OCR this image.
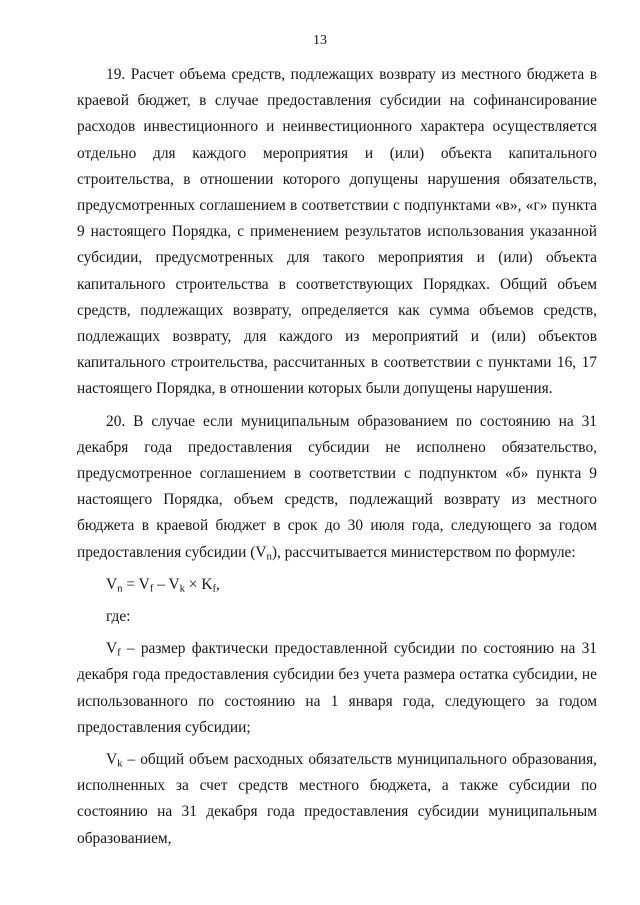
13

19. Расчет объема средств, подлежащих возврату из местного бюджета в краевой бюджет, в случае предоставления субсидии на софинансирование расходов инвестиционного и неинвестиционного характера осуществляется отдельно для каждого мероприятия и (или) объекта капитального строительства, в отношении которого допущены нарушения обязательств, предусмотренных соглашением в соответствии с подпунктами «в», «г» пункта 9 настоящего Порядка, с применением результатов использования указанной субсидии, предусмотренных для такого мероприятия и (или) объекта капитального строительства в соответствующих Порядках. Общий объем средств, подлежащих возврату, определяется как сумма объемов средств, подлежащих возврату, для каждого из мероприятий и (или) объектов капитального строительства, рассчитанных в соответствии с пунктами 16, 17 настоящего Порядка, в отношении которых были допущены нарушения.

20. В случае если муниципальным образованием по состоянию на 31 декабря года предоставления субсидии не исполнено обязательство, предусмотренное соглашением в соответствии с подпунктом «б» пункта 9 настоящего Порядка, объем средств, подлежащий возврату из местного бюджета в краевой бюджет в срок до 30 июля года, следующего за годом предоставления субсидии $(V_n)$, рассчитывается министерством по формуле:

$V_n = V_f - V_k \times K_f$,

где:

$V_f$ – размер фактически предоставленной субсидии по состоянию на 31 декабря года предоставления субсидии без учета размера остатка субсидии, не использованного по состоянию на 1 января года, следующего за годом предоставления субсидии;

$V_k$ – общий объем расходных обязательств муниципального образования, исполненных за счет средств местного бюджета, а также субсидии по состоянию на 31 декабря года предоставления субсидии муниципальным образованием,
